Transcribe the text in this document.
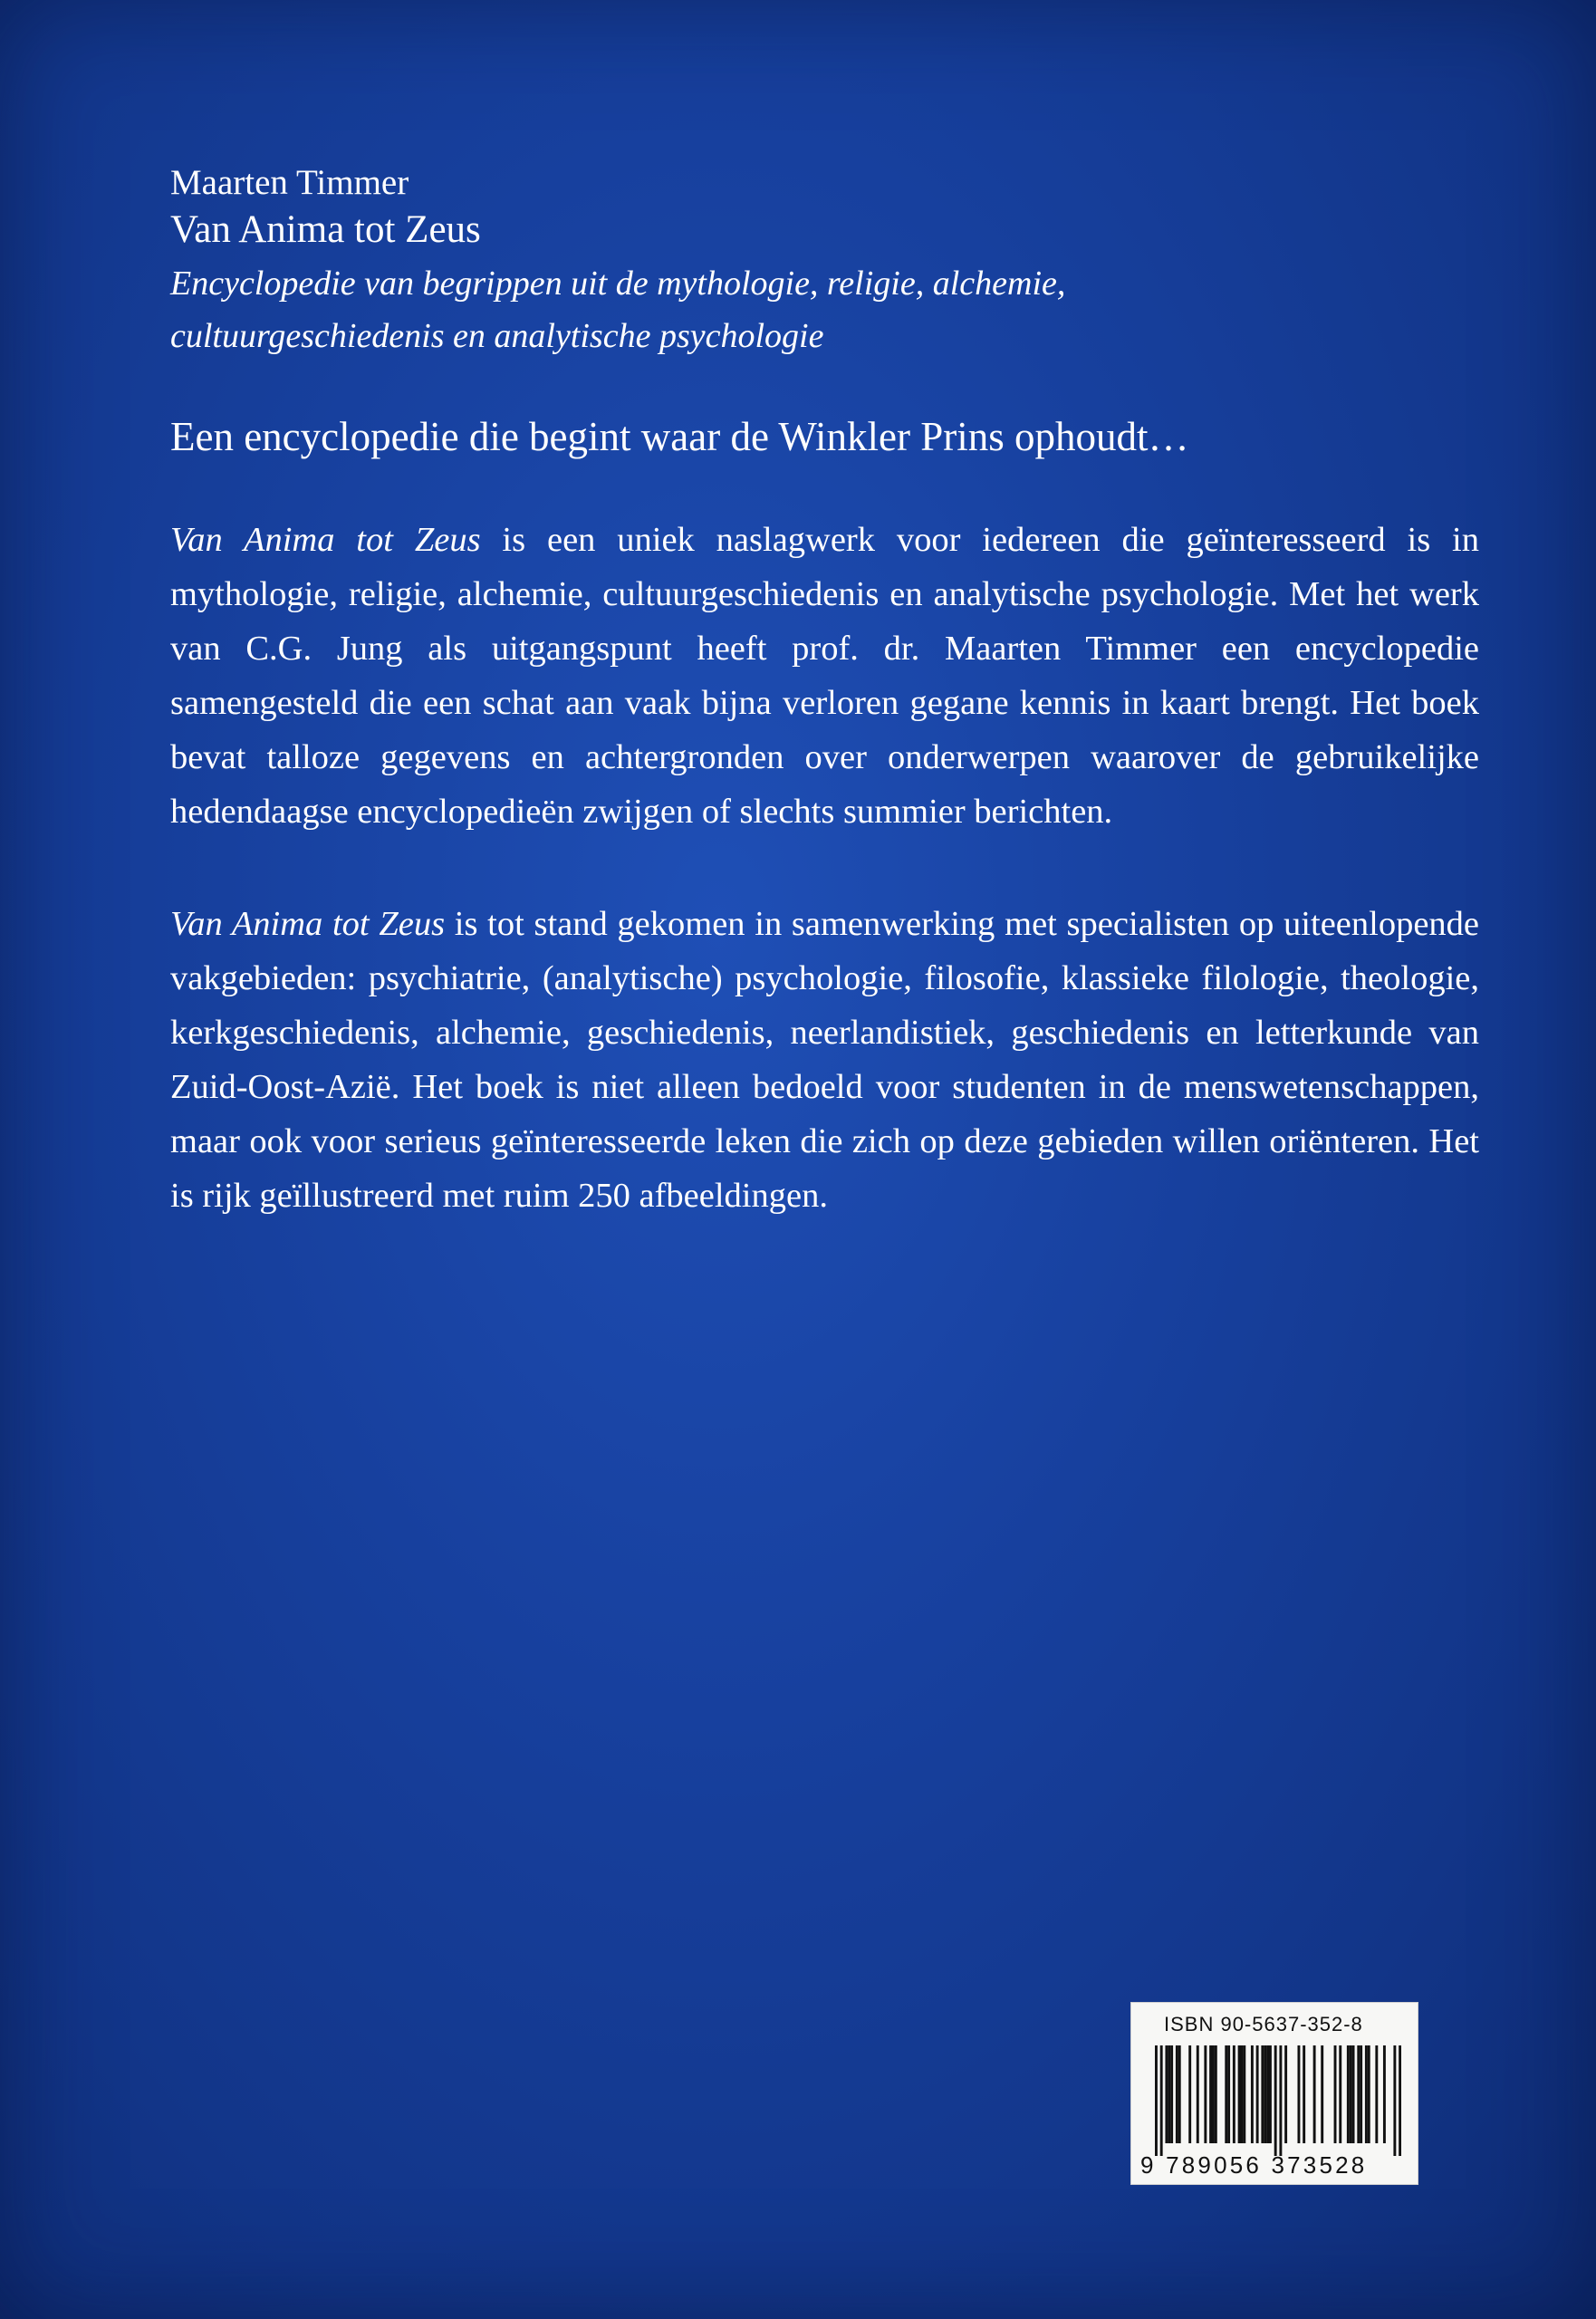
Maarten Timmer

Van Anima tot Zeus

Encyclopedie van begrippen uit de mythologie, religie, alchemie,
cultuurgeschiedenis en analytische psychologie

Een encyclopedie die begint waar de Winkler Prins ophoudt…

Van Anima tot Zeus is een uniek naslagwerk voor iedereen die geïnteresseerd is in mythologie, religie, alchemie, cultuurgeschiedenis en analytische psychologie. Met het werk van C.G. Jung als uitgangspunt heeft prof. dr. Maarten Timmer een encyclopedie samengesteld die een schat aan vaak bijna verloren gegane kennis in kaart brengt. Het boek bevat talloze gegevens en achtergronden over onderwerpen waarover de gebruikelijke hedendaagse encyclopedieën zwijgen of slechts summier berichten.

Van Anima tot Zeus is tot stand gekomen in samenwerking met specialisten op uiteenlopende vakgebieden: psychiatrie, (analytische) psychologie, filosofie, klassieke filologie, theologie, kerkgeschiedenis, alchemie, geschiedenis, neerlandistiek, geschiedenis en letterkunde van Zuid-Oost-Azië. Het boek is niet alleen bedoeld voor studenten in de menswetenschappen, maar ook voor serieus geïnteresseerde leken die zich op deze gebieden willen oriënteren. Het is rijk geïllustreerd met ruim 250 afbeeldingen.

ISBN 90-5637-352-8
9 789056 373528
